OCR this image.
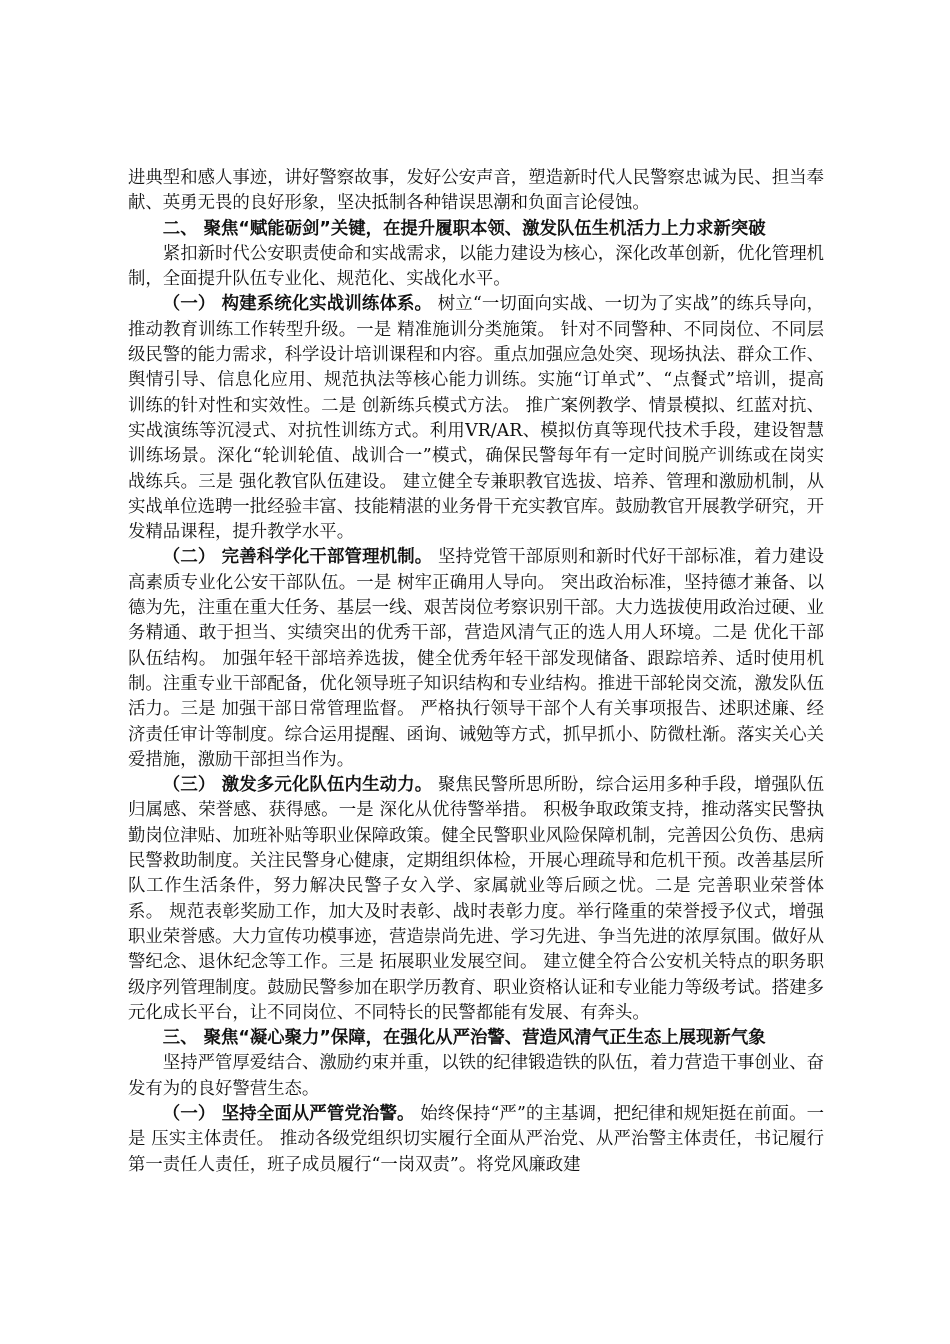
进典型和感人事迹，讲好警察故事，发好公安声音，塑造新时代人民警察忠诚为民、担当奉献、英勇无畏的良好形象，坚决抵制各种错误思潮和负面言论侵蚀。

二、 聚焦“赋能砺剑”关键，在提升履职本领、激发队伍生机活力上力求新突破

紧扣新时代公安职责使命和实战需求，以能力建设为核心，深化改革创新，优化管理机制，全面提升队伍专业化、规范化、实战化水平。

（一） 构建系统化实战训练体系。 树立“一切面向实战、一切为了实战”的练兵导向，推动教育训练工作转型升级。一是 精准施训分类施策。 针对不同警种、不同岗位、不同层级民警的能力需求，科学设计培训课程和内容。重点加强应急处突、现场执法、群众工作、舆情引导、信息化应用、规范执法等核心能力训练。实施“订单式”、“点餐式”培训，提高训练的针对性和实效性。二是 创新练兵模式方法。 推广案例教学、情景模拟、红蓝对抗、实战演练等沉浸式、对抗性训练方式。利用VR/AR、模拟仿真等现代技术手段，建设智慧训练场景。深化“轮训轮值、战训合一”模式，确保民警每年有一定时间脱产训练或在岗实战练兵。三是 强化教官队伍建设。 建立健全专兼职教官选拔、培养、管理和激励机制，从实战单位选聘一批经验丰富、技能精湛的业务骨干充实教官库。鼓励教官开展教学研究，开发精品课程，提升教学水平。

（二） 完善科学化干部管理机制。 坚持党管干部原则和新时代好干部标准，着力建设高素质专业化公安干部队伍。一是 树牢正确用人导向。 突出政治标准，坚持德才兼备、以德为先，注重在重大任务、基层一线、艰苦岗位考察识别干部。大力选拔使用政治过硬、业务精通、敢于担当、实绩突出的优秀干部，营造风清气正的选人用人环境。二是 优化干部队伍结构。 加强年轻干部培养选拔，健全优秀年轻干部发现储备、跟踪培养、适时使用机制。注重专业干部配备，优化领导班子知识结构和专业结构。推进干部轮岗交流，激发队伍活力。三是 加强干部日常管理监督。 严格执行领导干部个人有关事项报告、述职述廉、经济责任审计等制度。综合运用提醒、函询、诫勉等方式，抓早抓小、防微杜渐。落实关心关爱措施，激励干部担当作为。

（三） 激发多元化队伍内生动力。 聚焦民警所思所盼，综合运用多种手段，增强队伍归属感、荣誉感、获得感。一是 深化从优待警举措。 积极争取政策支持，推动落实民警执勤岗位津贴、加班补贴等职业保障政策。健全民警职业风险保障机制，完善因公负伤、患病民警救助制度。关注民警身心健康，定期组织体检，开展心理疏导和危机干预。改善基层所队工作生活条件，努力解决民警子女入学、家属就业等后顾之忧。二是 完善职业荣誉体系。 规范表彰奖励工作，加大及时表彰、战时表彰力度。举行隆重的荣誉授予仪式，增强职业荣誉感。大力宣传功模事迹，营造崇尚先进、学习先进、争当先进的浓厚氛围。做好从警纪念、退休纪念等工作。三是 拓展职业发展空间。 建立健全符合公安机关特点的职务职级序列管理制度。鼓励民警参加在职学历教育、职业资格认证和专业能力等级考试。搭建多元化成长平台，让不同岗位、不同特长的民警都能有发展、有奔头。

三、 聚焦“凝心聚力”保障，在强化从严治警、营造风清气正生态上展现新气象

坚持严管厚爱结合、激励约束并重，以铁的纪律锻造铁的队伍，着力营造干事创业、奋发有为的良好警营生态。

（一） 坚持全面从严管党治警。 始终保持“严”的主基调，把纪律和规矩挺在前面。一是 压实主体责任。 推动各级党组织切实履行全面从严治党、从严治警主体责任，书记履行第一责任人责任，班子成员履行“一岗双责”。将党风廉政建
